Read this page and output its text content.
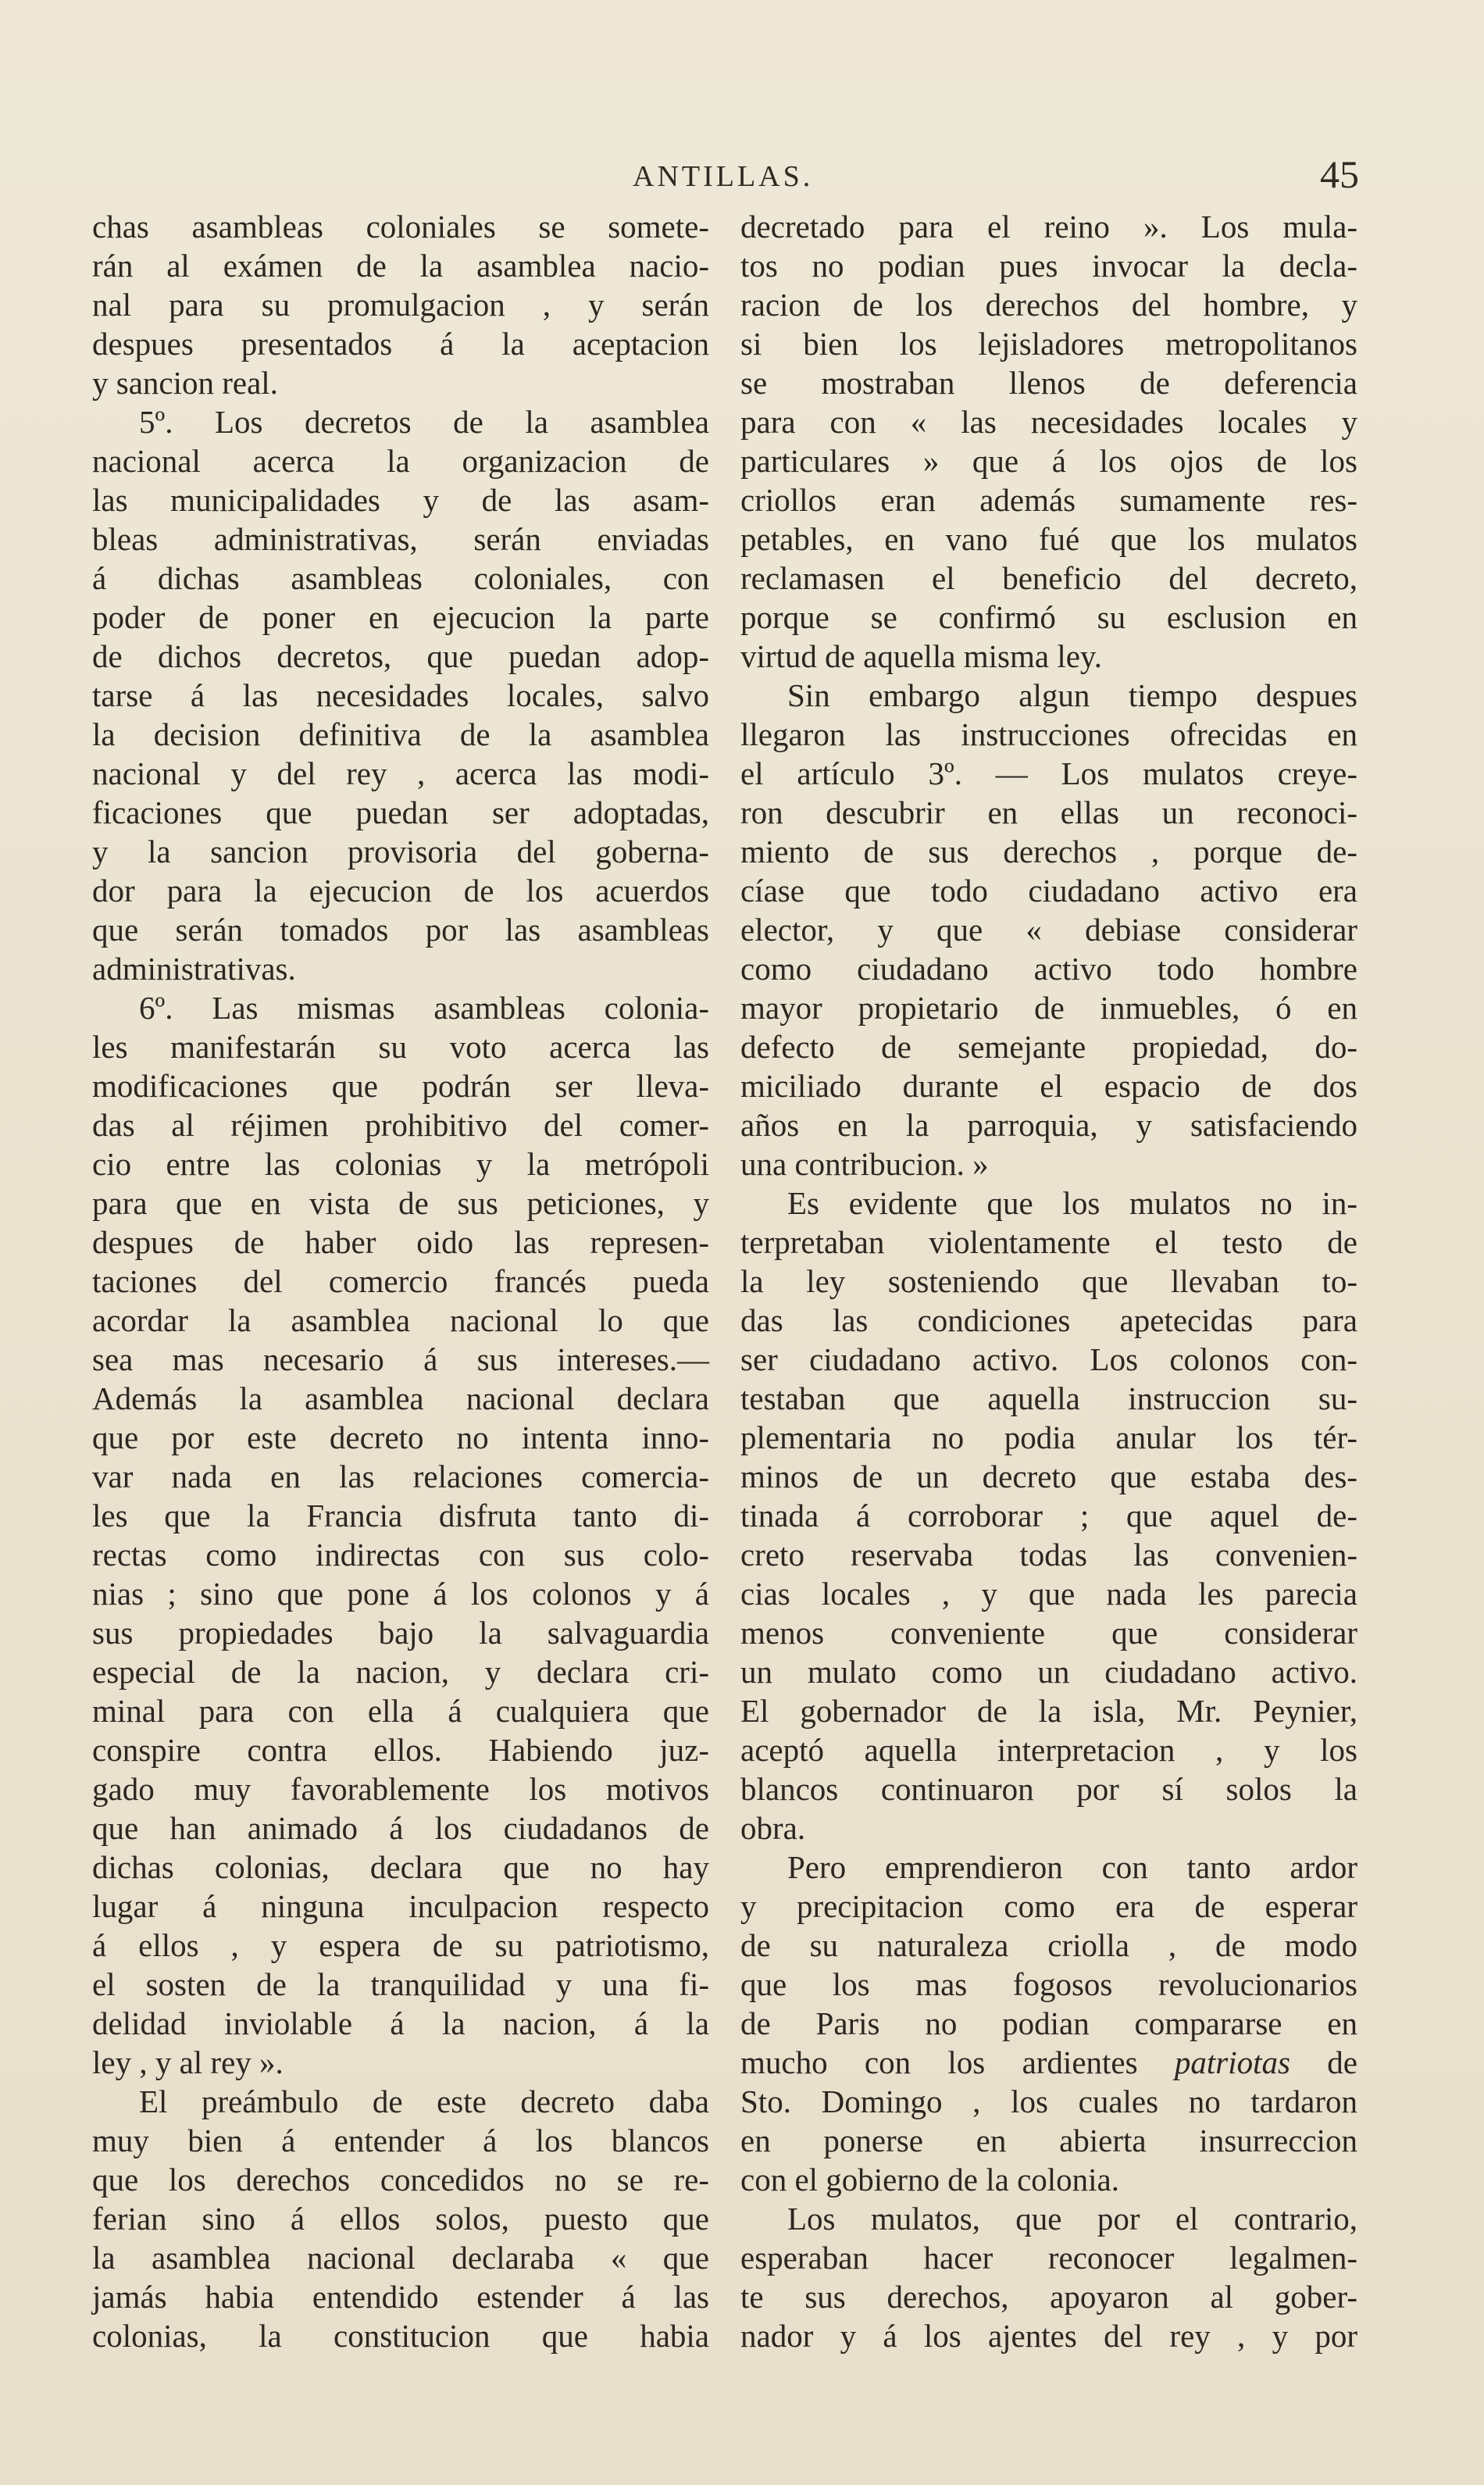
ANTILLAS.	45
chas asambleas coloniales se somete-
rán al exámen de la asamblea nacio-
nal para su promulgacion , y serán
despues presentados á la aceptacion
y sancion real.
5º. Los decretos de la asamblea
nacional acerca la organizacion de
las municipalidades y de las asam-
bleas administrativas, serán enviadas
á dichas asambleas coloniales, con
poder de poner en ejecucion la parte
de dichos decretos, que puedan adop-
tarse á las necesidades locales, salvo
la decision definitiva de la asamblea
nacional y del rey , acerca las modi-
ficaciones que puedan ser adoptadas,
y la sancion provisoria del goberna-
dor para la ejecucion de los acuerdos
que serán tomados por las asambleas
administrativas.
6º. Las mismas asambleas colonia-
les manifestarán su voto acerca las
modificaciones que podrán ser lleva-
das al réjimen prohibitivo del comer-
cio entre las colonias y la metrópoli
para que en vista de sus peticiones, y
despues de haber oido las represen-
taciones del comercio francés pueda
acordar la asamblea nacional lo que
sea mas necesario á sus intereses.—
Además la asamblea nacional declara
que por este decreto no intenta inno-
var nada en las relaciones comercia-
les que la Francia disfruta tanto di-
rectas como indirectas con sus colo-
nias ; sino que pone á los colonos y á
sus propiedades bajo la salvaguardia
especial de la nacion, y declara cri-
minal para con ella á cualquiera que
conspire contra ellos. Habiendo juz-
gado muy favorablemente los motivos
que han animado á los ciudadanos de
dichas colonias, declara que no hay
lugar á ninguna inculpacion respecto
á ellos , y espera de su patriotismo,
el sosten de la tranquilidad y una fi-
delidad inviolable á la nacion, á la
ley , y al rey ».
El preámbulo de este decreto daba
muy bien á entender á los blancos
que los derechos concedidos no se re-
ferian sino á ellos solos, puesto que
la asamblea nacional declaraba « que
jamás habia entendido estender á las
colonias, la constitucion que habia
decretado para el reino ». Los mula-
tos no podian pues invocar la decla-
racion de los derechos del hombre, y
si bien los lejisladores metropolitanos
se mostraban llenos de deferencia
para con « las necesidades locales y
particulares » que á los ojos de los
criollos eran además sumamente res-
petables, en vano fué que los mulatos
reclamasen el beneficio del decreto,
porque se confirmó su esclusion en
virtud de aquella misma ley.
Sin embargo algun tiempo despues
llegaron las instrucciones ofrecidas en
el artículo 3º. — Los mulatos creye-
ron descubrir en ellas un reconoci-
miento de sus derechos , porque de-
cíase que todo ciudadano activo era
elector, y que « debiase considerar
como ciudadano activo todo hombre
mayor propietario de inmuebles, ó en
defecto de semejante propiedad, do-
miciliado durante el espacio de dos
años en la parroquia, y satisfaciendo
una contribucion. »
Es evidente que los mulatos no in-
terpretaban violentamente el testo de
la ley sosteniendo que llevaban to-
das las condiciones apetecidas para
ser ciudadano activo. Los colonos con-
testaban que aquella instruccion su-
plementaria no podia anular los tér-
minos de un decreto que estaba des-
tinada á corroborar ; que aquel de-
creto reservaba todas las convenien-
cias locales , y que nada les parecia
menos conveniente que considerar
un mulato como un ciudadano activo.
El gobernador de la isla, Mr. Peynier,
aceptó aquella interpretacion , y los
blancos continuaron por sí solos la
obra.
Pero emprendieron con tanto ardor
y precipitacion como era de esperar
de su naturaleza criolla , de modo
que los mas fogosos revolucionarios
de Paris no podian compararse en
mucho con los ardientes patriotas de
Sto. Domingo , los cuales no tardaron
en ponerse en abierta insurreccion
con el gobierno de la colonia.
Los mulatos, que por el contrario,
esperaban hacer reconocer legalmen-
te sus derechos, apoyaron al gober-
nador y á los ajentes del rey , y por
